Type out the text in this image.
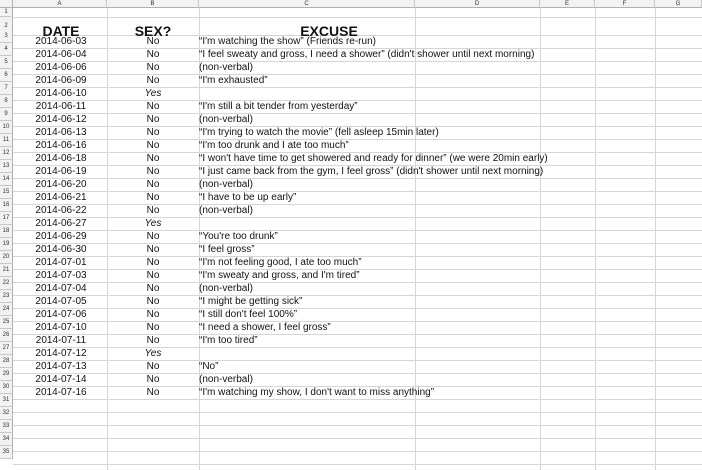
A	B	C	D	E	F	G
1
2
3
4
5
6
7
8
9
10
11
12
13
14
15
16
17
18
19
20
21
22
23
24
25
26
27
28
29
30
31
32
33
34
35
DATE	SEX?	EXCUSE
2014-06-03	No	“I'm watching the show” (Friends re-run)
2014-06-04	No	“I feel sweaty and gross, I need a shower” (didn't shower until next morning)
2014-06-06	No	(non-verbal)
2014-06-09	No	“I'm exhausted”
2014-06-10	Yes
2014-06-11	No	“I'm still a bit tender from yesterday”
2014-06-12	No	(non-verbal)
2014-06-13	No	“I'm trying to watch the movie” (fell asleep 15min later)
2014-06-16	No	“I'm too drunk and I ate too much”
2014-06-18	No	“I won't have time to get showered and ready for dinner” (we were 20min early)
2014-06-19	No	“I just came back from the gym, I feel gross” (didn't shower until next morning)
2014-06-20	No	(non-verbal)
2014-06-21	No	“I have to be up early”
2014-06-22	No	(non-verbal)
2014-06-27	Yes
2014-06-29	No	“You're too drunk”
2014-06-30	No	“I feel gross”
2014-07-01	No	“I'm not feeling good, I ate too much”
2014-07-03	No	“I'm sweaty and gross, and I'm tired”
2014-07-04	No	(non-verbal)
2014-07-05	No	“I might be getting sick”
2014-07-06	No	“I still don't feel 100%”
2014-07-10	No	“I need a shower, I feel gross”
2014-07-11	No	“I'm too tired”
2014-07-12	Yes
2014-07-13	No	“No”
2014-07-14	No	(non-verbal)
2014-07-16	No	“I'm watching my show, I don't want to miss anything”
